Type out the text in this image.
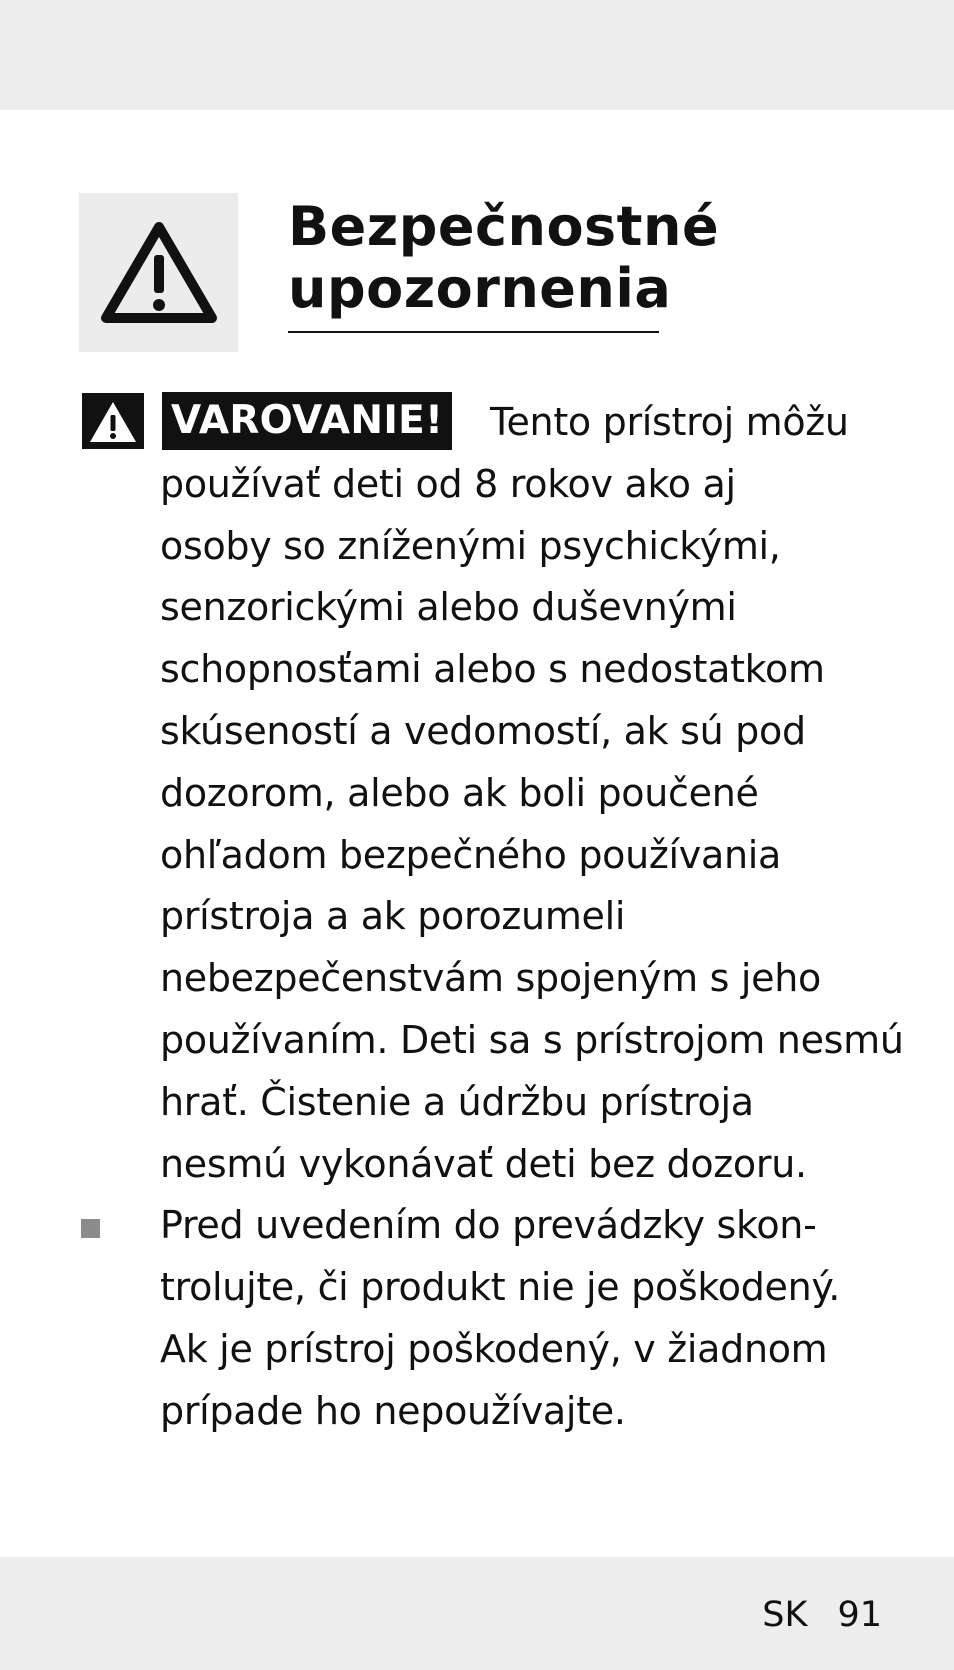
Bezpečnostné
upozornenia
VAROVANIE!	Tento prístroj môžu
používať deti od 8 rokov ako aj
osoby so zníženými psychickými,
senzorickými alebo duševnými
schopnosťami alebo s nedostatkom
skúseností a vedomostí, ak sú pod
dozorom, alebo ak boli poučené
ohľadom bezpečného používania
prístroja a ak porozumeli
nebezpečenstvám spojeným s jeho
používaním. Deti sa s prístrojom nesmú
hrať. Čistenie a údržbu prístroja
nesmú vykonávať deti bez dozoru.
Pred uvedením do prevádzky skon-
trolujte, či produkt nie je poškodený.
Ak je prístroj poškodený, v žiadnom
prípade ho nepoužívajte.
SK 91
